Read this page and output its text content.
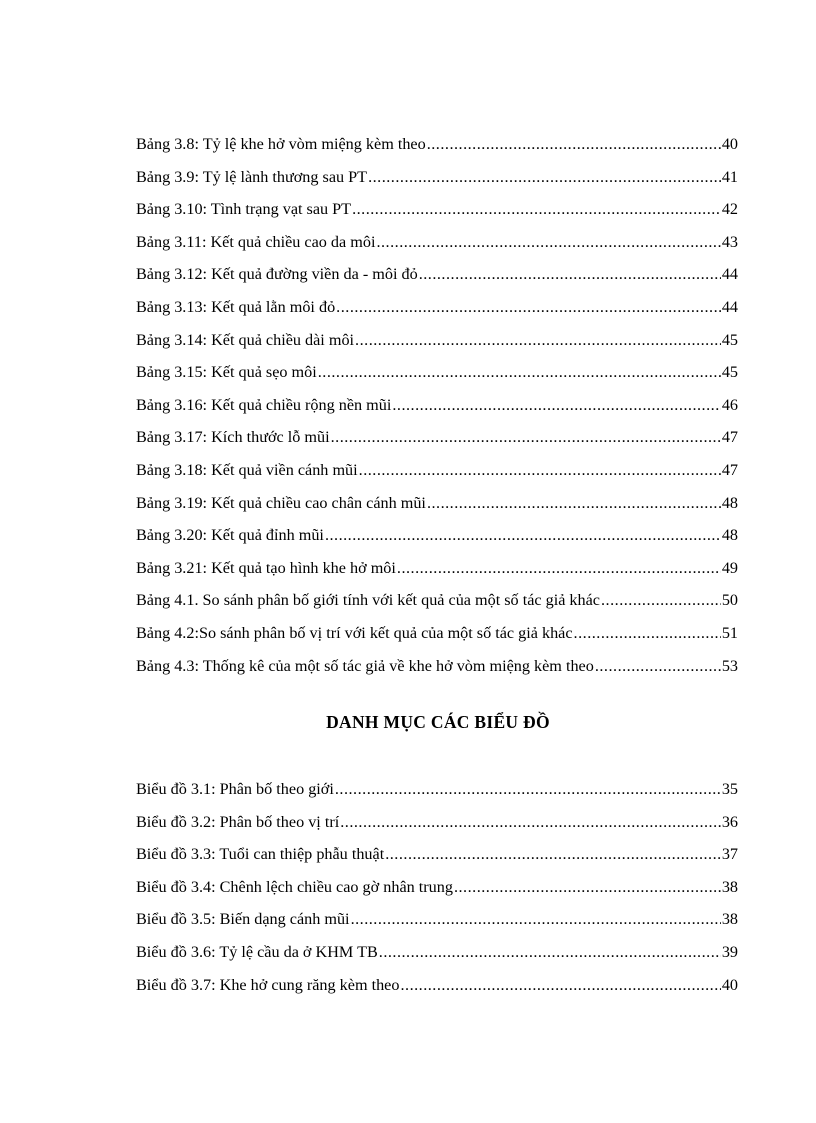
Bảng 3.8: Tỷ lệ khe hở vòm miệng kèm theo .....	40
Bảng 3.9: Tỷ lệ lành thương sau PT .....	41
Bảng 3.10: Tình trạng vạt sau PT .....	42
Bảng 3.11: Kết quả chiều cao da môi .....	43
Bảng 3.12: Kết quả đường viền da - môi đỏ .....	44
Bảng 3.13: Kết quả lằn môi đỏ .....	44
Bảng 3.14: Kết quả chiều dài môi .....	45
Bảng 3.15: Kết quả sẹo môi .....	45
Bảng 3.16: Kết quả chiều rộng nền mũi .....	46
Bảng 3.17: Kích thước lỗ mũi .....	47
Bảng 3.18: Kết quả viền cánh mũi .....	47
Bảng 3.19: Kết quả chiều cao chân cánh mũi .....	48
Bảng 3.20: Kết quả đỉnh mũi .....	48
Bảng 3.21: Kết quả tạo hình khe hở môi .....	49
Bảng 4.1. So sánh phân bố giới tính với kết quả của một số tác giả khác .....	50
Bảng 4.2:So sánh phân bố vị trí với kết quả của một số tác giả khác .....	51
Bảng 4.3: Thống kê của một số tác giả về khe hở vòm miệng kèm theo .....	53
DANH MỤC CÁC BIỂU ĐỒ
Biểu đồ 3.1: Phân bố theo giới .....	35
Biểu đồ 3.2: Phân bố theo vị trí .....	36
Biểu đồ 3.3: Tuổi can thiệp phẫu thuật .....	37
Biểu đồ 3.4: Chênh lệch chiều cao gờ nhân trung .....	38
Biểu đồ 3.5: Biến dạng cánh mũi .....	38
Biểu đồ 3.6: Tỷ lệ cầu da ở KHM TB .....	39
Biểu đồ 3.7: Khe hở cung răng kèm theo .....	40
